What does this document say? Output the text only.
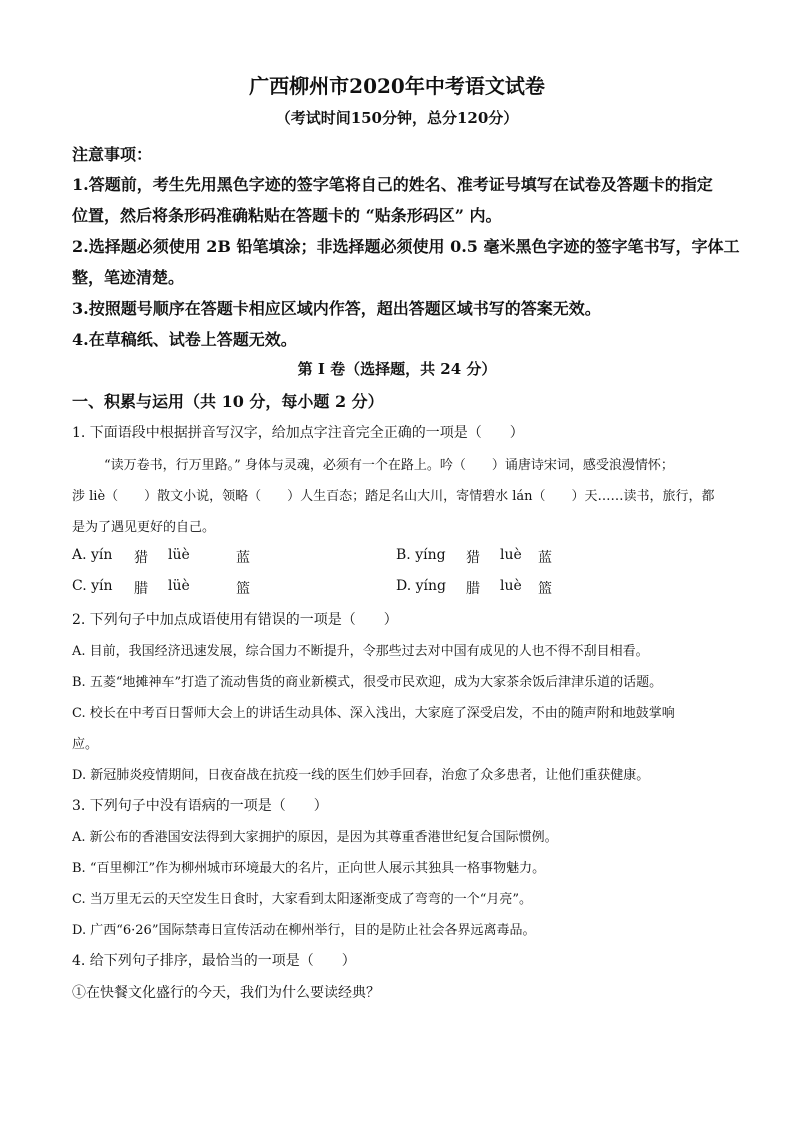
广西柳州市2020年中考语文试卷
（考试时间150分钟，总分120分）
注意事项：
1.答题前，考生先用黑色字迹的签字笔将自己的姓名、准考证号填写在试卷及答题卡的指定
位置，然后将条形码准确粘贴在答题卡的 “贴条形码区” 内。
2.选择题必须使用 2B 铅笔填涂；非选择题必须使用 0.5 毫米黑色字迹的签字笔书写，字体工
整，笔迹清楚。
3.按照题号顺序在答题卡相应区域内作答，超出答题区域书写的答案无效。
4.在草稿纸、试卷上答题无效。
第 I 卷（选择题，共 24 分）
一、积累与运用（共 10 分，每小题 2 分）
1. 下面语段中根据拼音写汉字，给加点字注音完全正确的一项是（　　）
“读万卷书，行万里路。” 身体与灵魂，必须有一个在路上。吟（　　）诵唐诗宋词，感受浪漫情怀；
涉 liè（　　）散文小说，领略（　　）人生百态；踏足名山大川，寄情碧水 lán（　　）天……读书，旅行，都
是为了遇见更好的自己。
A. yín 猎 lüè	蓝	B. yíng 猎 luè 蓝
C. yín 腊 lüè	篮	D. yíng 腊 luè 篮
2. 下列句子中加点成语使用有错误的一项是（　　）
A. 目前，我国经济迅速发展，综合国力不断提升，令那些过去对中国有成见的人也不得不刮目相看。
B. 五菱“地摊神车”打造了流动售货的商业新模式，很受市民欢迎，成为大家茶余饭后津津乐道的话题。
C. 校长在中考百日誓师大会上的讲话生动具体、深入浅出，大家庭了深受启发，不由的随声附和地鼓掌响
应。
D. 新冠肺炎疫情期间，日夜奋战在抗疫一线的医生们妙手回春，治愈了众多患者，让他们重获健康。
3. 下列句子中没有语病的一项是（　　）
A. 新公布的香港国安法得到大家拥护的原因，是因为其尊重香港世纪复合国际惯例。
B. “百里柳江”作为柳州城市环境最大的名片，正向世人展示其独具一格事物魅力。
C. 当万里无云的天空发生日食时，大家看到太阳逐渐变成了弯弯的一个“月亮”。
D. 广西“6·26”国际禁毒日宣传活动在柳州举行，目的是防止社会各界远离毒品。
4. 给下列句子排序，最恰当的一项是（　　）
①在快餐文化盛行的今天，我们为什么要读经典？
